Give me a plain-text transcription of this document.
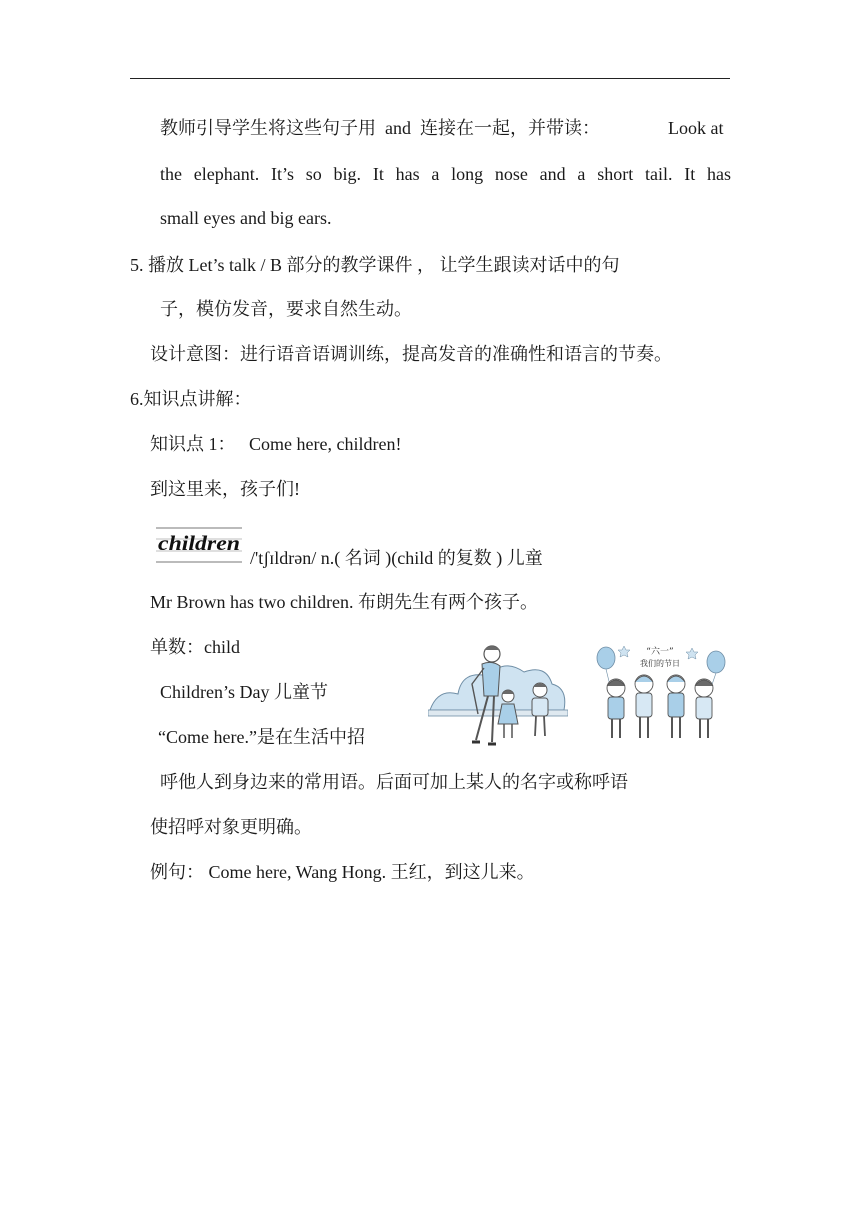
教师引导学生将这些句子用 and 连接在一起，并带读：	Look at
the elephant. It’s so big. It has a long nose and a short tail. It has
small eyes and big ears.
5. 播放 Let’s talk / B 部分的教学课件 ， 让学生跟读对话中的句
子，模仿发音，要求自然生动。
设计意图：进行语音语调训练，提高发音的准确性和语言的节奏。
6.知识点讲解：
知识点 1： Come here, children!
到这里来，孩子们!
children
/'tʃɪldrən/ n.( 名词 )(child 的复数 ) 儿童
Mr Brown has two children. 布朗先生有两个孩子。
单数：child
Children’s Day 儿童节
“Come here.”是在生活中招
呼他人到身边来的常用语。后面可加上某人的名字或称呼语
使招呼对象更明确。
例句： Come here, Wang Hong. 王红，到这儿来。
“六一”
我们的节日
